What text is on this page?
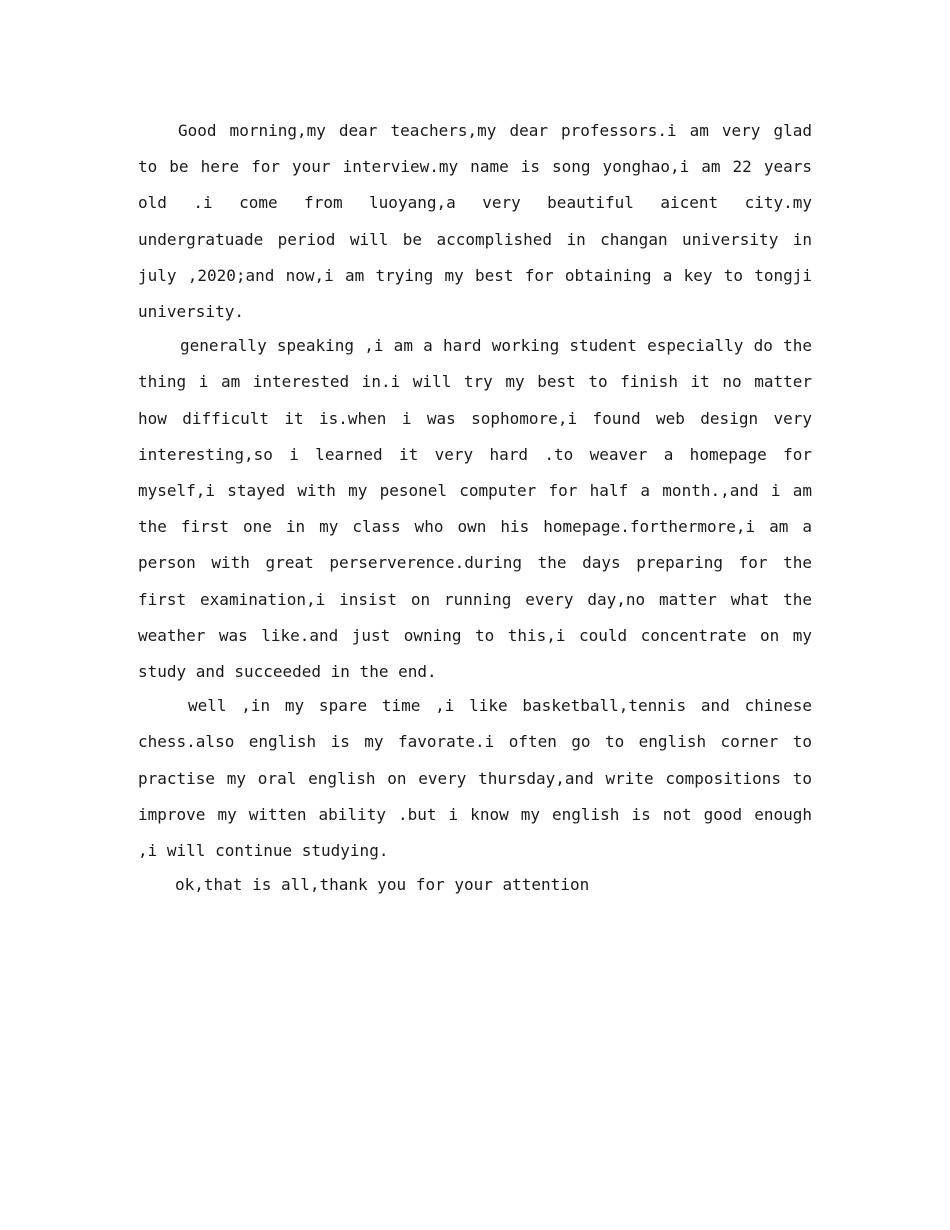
Good morning,my dear teachers,my dear professors.i am very glad to be here for your interview.my name is song yonghao,i am 22 years old .i come from luoyang,a very beautiful aicent city.my undergratuade period will be accomplished in changan university in july ,2020;and now,i am trying my best for obtaining a key to tongji university.

generally speaking ,i am a hard working student especially do the thing i am interested in.i will try my best to finish it no matter how difficult it is.when i was sophomore,i found web design very interesting,so i learned it very hard .to weaver a homepage for myself,i stayed with my pesonel computer for half a month.,and i am the first one in my class who own his homepage.forthermore,i am a person with great perserverence.during the days preparing for the first examination,i insist on running every day,no matter what the weather was like.and just owning to this,i could concentrate on my study and succeeded in the end.

well ,in my spare time ,i like basketball,tennis and chinese chess.also english is my favorate.i often go to english corner to practise my oral english on every thursday,and write compositions to improve my witten ability .but i know my english is not good enough ,i will continue studying.

ok,that is all,thank you for your attention
